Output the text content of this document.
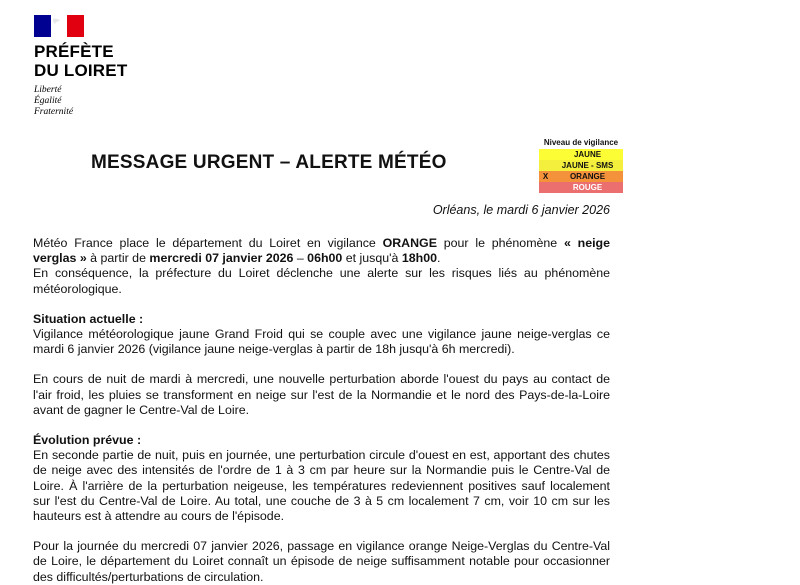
PRÉFÈTE
DU LOIRET
Liberté
Égalité
Fraternité
MESSAGE URGENT – ALERTE MÉTÉO
Niveau de vigilance
JAUNE
JAUNE - SMS
X	ORANGE
ROUGE
Orléans, le mardi 6 janvier 2026

Météo France place le département du Loiret en vigilance ORANGE pour le phénomène « neige verglas » à partir de mercredi 07 janvier 2026 – 06h00 et jusqu'à 18h00.

En conséquence, la préfecture du Loiret déclenche une alerte sur les risques liés au phénomène météorologique.

Situation actuelle :

Vigilance météorologique jaune Grand Froid qui se couple avec une vigilance jaune neige-verglas ce mardi 6 janvier 2026 (vigilance jaune neige-verglas à partir de 18h jusqu'à 6h mercredi).

En cours de nuit de mardi à mercredi, une nouvelle perturbation aborde l'ouest du pays au contact de l'air froid, les pluies se transforment en neige sur l'est de la Normandie et le nord des Pays-de-la-Loire avant de gagner le Centre-Val de Loire.

Évolution prévue :

En seconde partie de nuit, puis en journée, une perturbation circule d'ouest en est, apportant des chutes de neige avec des intensités de l'ordre de 1 à 3 cm par heure sur la Normandie puis le Centre-Val de Loire. À l'arrière de la perturbation neigeuse, les températures redeviennent positives sauf localement sur l'est du Centre-Val de Loire. Au total, une couche de 3 à 5 cm localement 7 cm, voir 10 cm sur les hauteurs est à attendre au cours de l'épisode.

Pour la journée du mercredi 07 janvier 2026, passage en vigilance orange Neige-Verglas du Centre-Val de Loire, le département du Loiret connaît un épisode de neige suffisamment notable pour occasionner des difficultés/perturbations de circulation.
